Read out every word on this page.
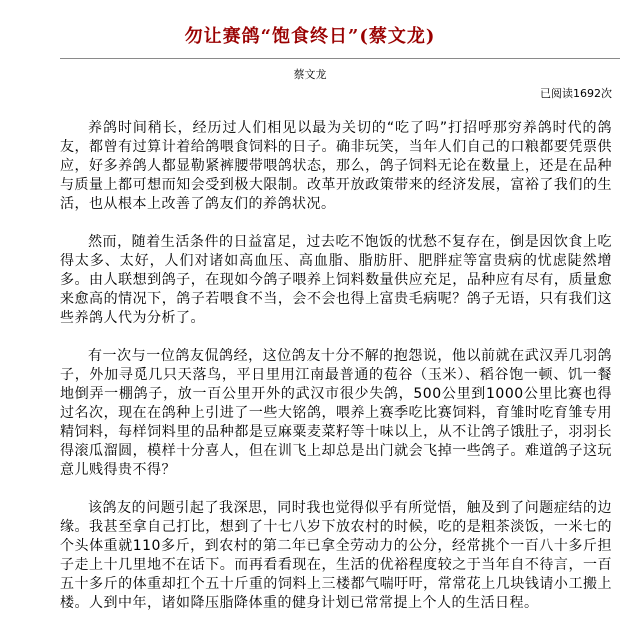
勿让赛鸽“饱食终日”(蔡文龙)
蔡文龙
已阅读1692次

养鸽时间稍长，经历过人们相见以最为关切的“吃了吗”打招呼那穷养鸽时代的鸽友，都曾有过算计着给鸽喂食饲料的日子。确非玩笑，当年人们自己的口粮都要凭票供应，好多养鸽人都显勒紧裤腰带喂鸽状态，那么，鸽子饲料无论在数量上，还是在品种与质量上都可想而知会受到极大限制。改革开放政策带来的经济发展，富裕了我们的生活，也从根本上改善了鸽友们的养鸽状况。

然而，随着生活条件的日益富足，过去吃不饱饭的忧愁不复存在，倒是因饮食上吃得太多、太好，人们对诸如高血压、高血脂、脂肪肝、肥胖症等富贵病的忧虑陡然增多。由人联想到鸽子，在现如今鸽子喂养上饲料数量供应充足，品种应有尽有，质量愈来愈高的情况下，鸽子若喂食不当，会不会也得上富贵毛病呢？鸽子无语，只有我们这些养鸽人代为分析了。

有一次与一位鸽友侃鸽经，这位鸽友十分不解的抱怨说，他以前就在武汉弄几羽鸽子，外加寻觅几只天落鸟，平日里用江南最普通的苞谷（玉米）、稻谷饱一顿、饥一餐地倒弄一棚鸽子，放一百公里开外的武汉市很少失鸽，500公里到1000公里比赛也得过名次，现在在鸽种上引进了一些大铭鸽，喂养上赛季吃比赛饲料，育雏时吃育雏专用精饲料，每样饲料里的品种都是豆麻粟麦菜籽等十味以上，从不让鸽子饿肚子，羽羽长得滚瓜溜圆，模样十分喜人，但在训飞上却总是出门就会飞掉一些鸽子。难道鸽子这玩意儿贱得贵不得？

该鸽友的问题引起了我深思，同时我也觉得似乎有所觉悟，触及到了问题症结的边缘。我甚至拿自己打比，想到了十七八岁下放农村的时候，吃的是粗茶淡饭，一米七的个头体重就110多斤，到农村的第二年已拿全劳动力的公分，经常挑个一百八十多斤担子走上十几里地不在话下。而再看看现在，生活的优裕程度较之于当年自不待言，一百五十多斤的体重却扛个五十斤重的饲料上三楼都气喘吁吁，常常花上几块钱请小工搬上楼。人到中年，诸如降压脂降体重的健身计划已常常提上个人的生活日程。
